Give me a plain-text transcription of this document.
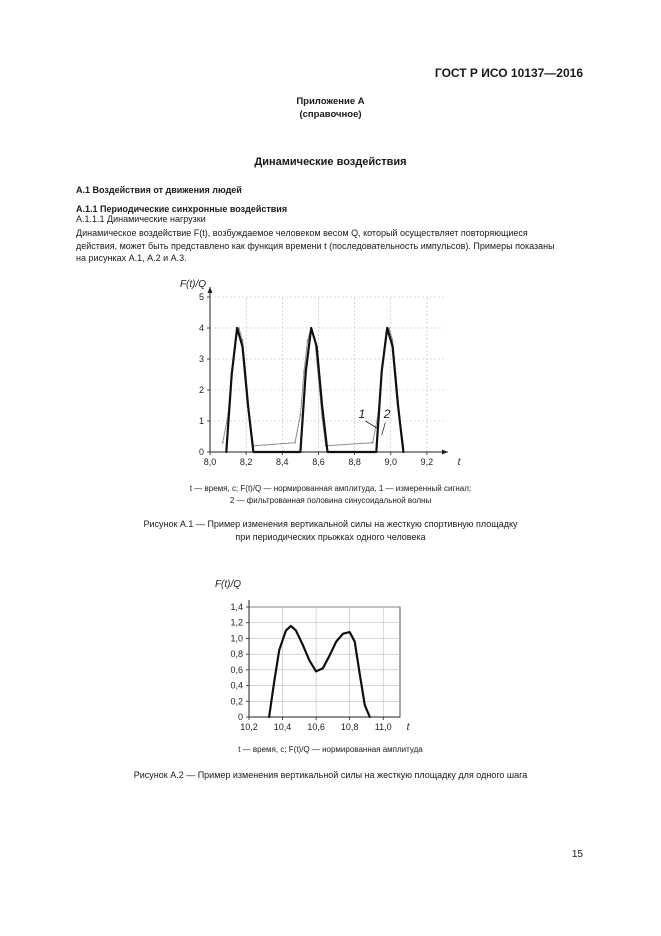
ГОСТ Р ИСО 10137—2016
Приложение А
(справочное)
Динамические воздействия
А.1 Воздействия от движения людей
А.1.1 Периодические синхронные воздействия
А.1.1.1 Динамические нагрузки
Динамическое воздействие F(t), возбуждаемое человеком весом Q, который осуществляет повторяющиеся
действия, может быть представлено как функция времени t (последовательность импульсов). Примеры показаны
на рисунках А.1, А.2 и А.3.
8,0	8,2	8,4	8,6	8,8	9,0	9,2
0
1
2
3
4
5
t
F(t)/Q
1 2
t — время, с; F(t)/Q — нормированная амплитуда, 1 — измеренный сигнал;
2 — фильтрованная половина синусоидальной волны
Рисунок А.1 — Пример изменения вертикальной силы на жесткую спортивную площадку
при периодических прыжках одного человека
10,2 10,4 10,6 10,8 11,0
0
0,2
0,4
0,6
0,8
1,0
1,2
1,4
t
F(t)/Q
t — время, с; F(t)/Q — нормированная амплитуда
Рисунок А.2 — Пример изменения вертикальной силы на жесткую площадку для одного шага
15
